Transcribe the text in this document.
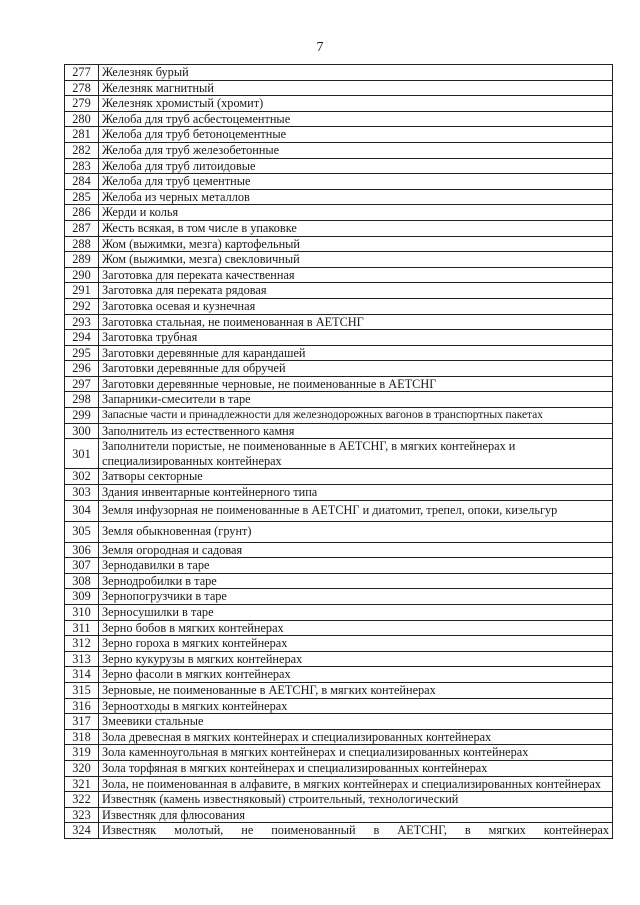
7
277	Железняк бурый
278	Железняк магнитный
279	Железняк хромистый (хромит)
280	Желоба для труб асбестоцементные
281	Желоба для труб бетоноцементные
282	Желоба для труб железобетонные
283	Желоба для труб литоидовые
284	Желоба для труб цементные
285	Желоба из черных металлов
286	Жерди и колья
287	Жесть всякая, в том числе в упаковке
288	Жом (выжимки, мезга) картофельный
289	Жом (выжимки, мезга) свекловичный
290	Заготовка для переката качественная
291	Заготовка для переката рядовая
292	Заготовка осевая и кузнечная
293	Заготовка стальная, не поименованная в АЕТСНГ
294	Заготовка трубная
295	Заготовки деревянные для карандашей
296	Заготовки деревянные для обручей
297	Заготовки деревянные черновые, не поименованные в АЕТСНГ
298	Запарники-смесители в таре
299	Запасные части и принадлежности для железнодорожных вагонов в транспортных пакетах
300	Заполнитель из естественного камня
301	Заполнители пористые, не поименованные в АЕТСНГ, в мягких контейнерах и специализированных контейнерах
302	Затворы секторные
303	Здания инвентарные контейнерного типа
304	Земля инфузорная не поименованные в АЕТСНГ и диатомит, трепел, опоки, кизельгур
305	Земля обыкновенная (грунт)
306	Земля огородная и садовая
307	Зернодавилки в таре
308	Зернодробилки в таре
309	Зернопогрузчики в таре
310	Зерносушилки в таре
311	Зерно бобов в мягких контейнерах
312	Зерно гороха в мягких контейнерах
313	Зерно кукурузы в мягких контейнерах
314	Зерно фасоли в мягких контейнерах
315	Зерновые, не поименованные в АЕТСНГ, в мягких контейнерах
316	Зерноотходы в мягких контейнерах
317	Змеевики стальные
318	Зола древесная в мягких контейнерах и специализированных контейнерах
319	Зола каменноугольная в мягких контейнерах и специализированных контейнерах
320	Зола торфяная в мягких контейнерах и специализированных контейнерах
321	Зола, не поименованная в алфавите, в мягких контейнерах и специализированных контейнерах
322	Известняк (камень известняковый) строительный, технологический
323	Известняк для флюсования
324	Известняк молотый, не поименованный в АЕТСНГ, в мягких контейнерах
